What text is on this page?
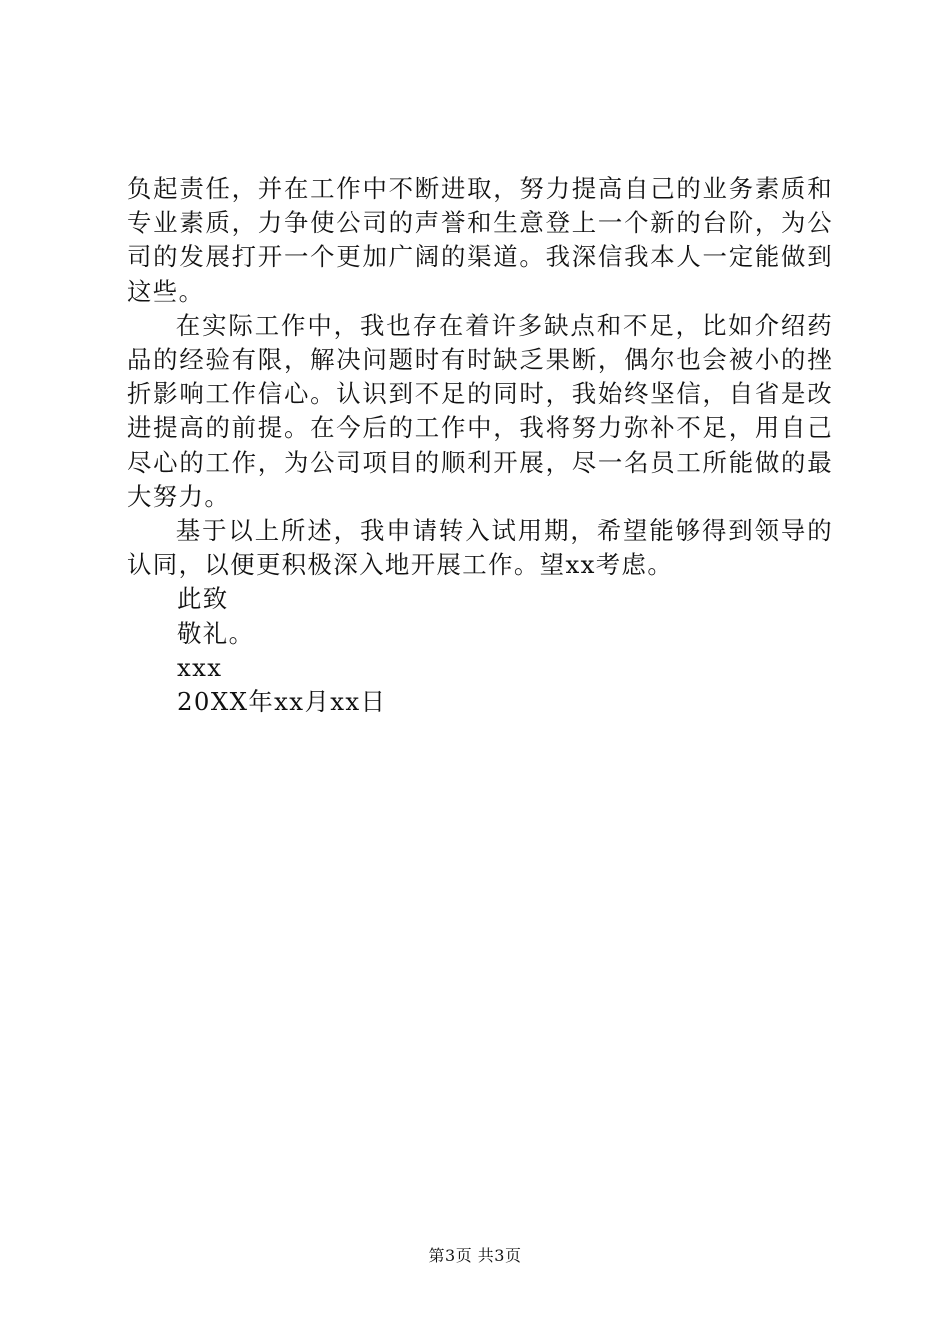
负起责任，并在工作中不断进取，努力提高自己的业务素质和专业素质，力争使公司的声誉和生意登上一个新的台阶，为公司的发展打开一个更加广阔的渠道。我深信我本人一定能做到这些。

在实际工作中，我也存在着许多缺点和不足，比如介绍药品的经验有限，解决问题时有时缺乏果断，偶尔也会被小的挫折影响工作信心。认识到不足的同时，我始终坚信，自省是改进提高的前提。在今后的工作中，我将努力弥补不足，用自己尽心的工作，为公司项目的顺利开展，尽一名员工所能做的最大努力。

基于以上所述，我申请转入试用期，希望能够得到领导的认同，以便更积极深入地开展工作。望xx考虑。

此致

敬礼。

xxx

20XX年xx月xx日

第3页 共3页
